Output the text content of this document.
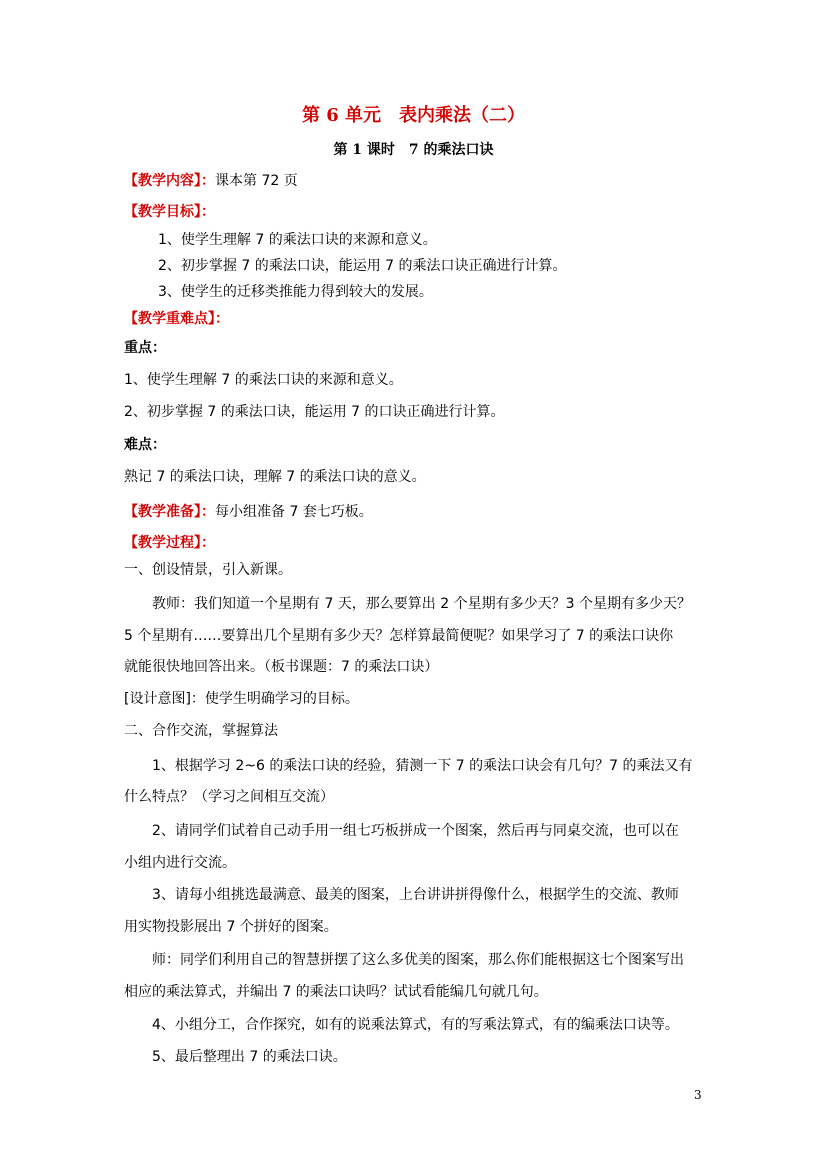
第 6 单元　表内乘法（二）

第 1 课时　7 的乘法口诀

【教学内容】：课本第 72 页

【教学目标】：

1、使学生理解 7 的乘法口诀的来源和意义。

2、初步掌握 7 的乘法口诀，能运用 7 的乘法口诀正确进行计算。

3、使学生的迁移类推能力得到较大的发展。

【教学重难点】：

重点：

1、使学生理解 7 的乘法口诀的来源和意义。

2、初步掌握 7 的乘法口诀，能运用 7 的口诀正确进行计算。

难点：

熟记 7 的乘法口诀，理解 7 的乘法口诀的意义。

【教学准备】：每小组准备 7 套七巧板。

【教学过程】：

一、创设情景，引入新课。

教师：我们知道一个星期有 7 天，那么要算出 2 个星期有多少天？3 个星期有多少天？

5 个星期有……要算出几个星期有多少天？怎样算最简便呢？如果学习了 7 的乘法口诀你

就能很快地回答出来。（板书课题：7 的乘法口诀）

[设计意图]：使学生明确学习的目标。

二、合作交流，掌握算法

1、根据学习 2~6 的乘法口诀的经验，猜测一下 7 的乘法口诀会有几句？7 的乘法又有

什么特点？（学习之间相互交流）

2、请同学们试着自己动手用一组七巧板拼成一个图案，然后再与同桌交流，也可以在

小组内进行交流。

3、请每小组挑选最满意、最美的图案，上台讲讲拼得像什么，根据学生的交流、教师

用实物投影展出 7 个拼好的图案。

师：同学们利用自己的智慧拼摆了这么多优美的图案，那么你们能根据这七个图案写出

相应的乘法算式，并编出 7 的乘法口诀吗？试试看能编几句就几句。

4、小组分工，合作探究，如有的说乘法算式，有的写乘法算式，有的编乘法口诀等。

5、最后整理出 7 的乘法口诀。

3
